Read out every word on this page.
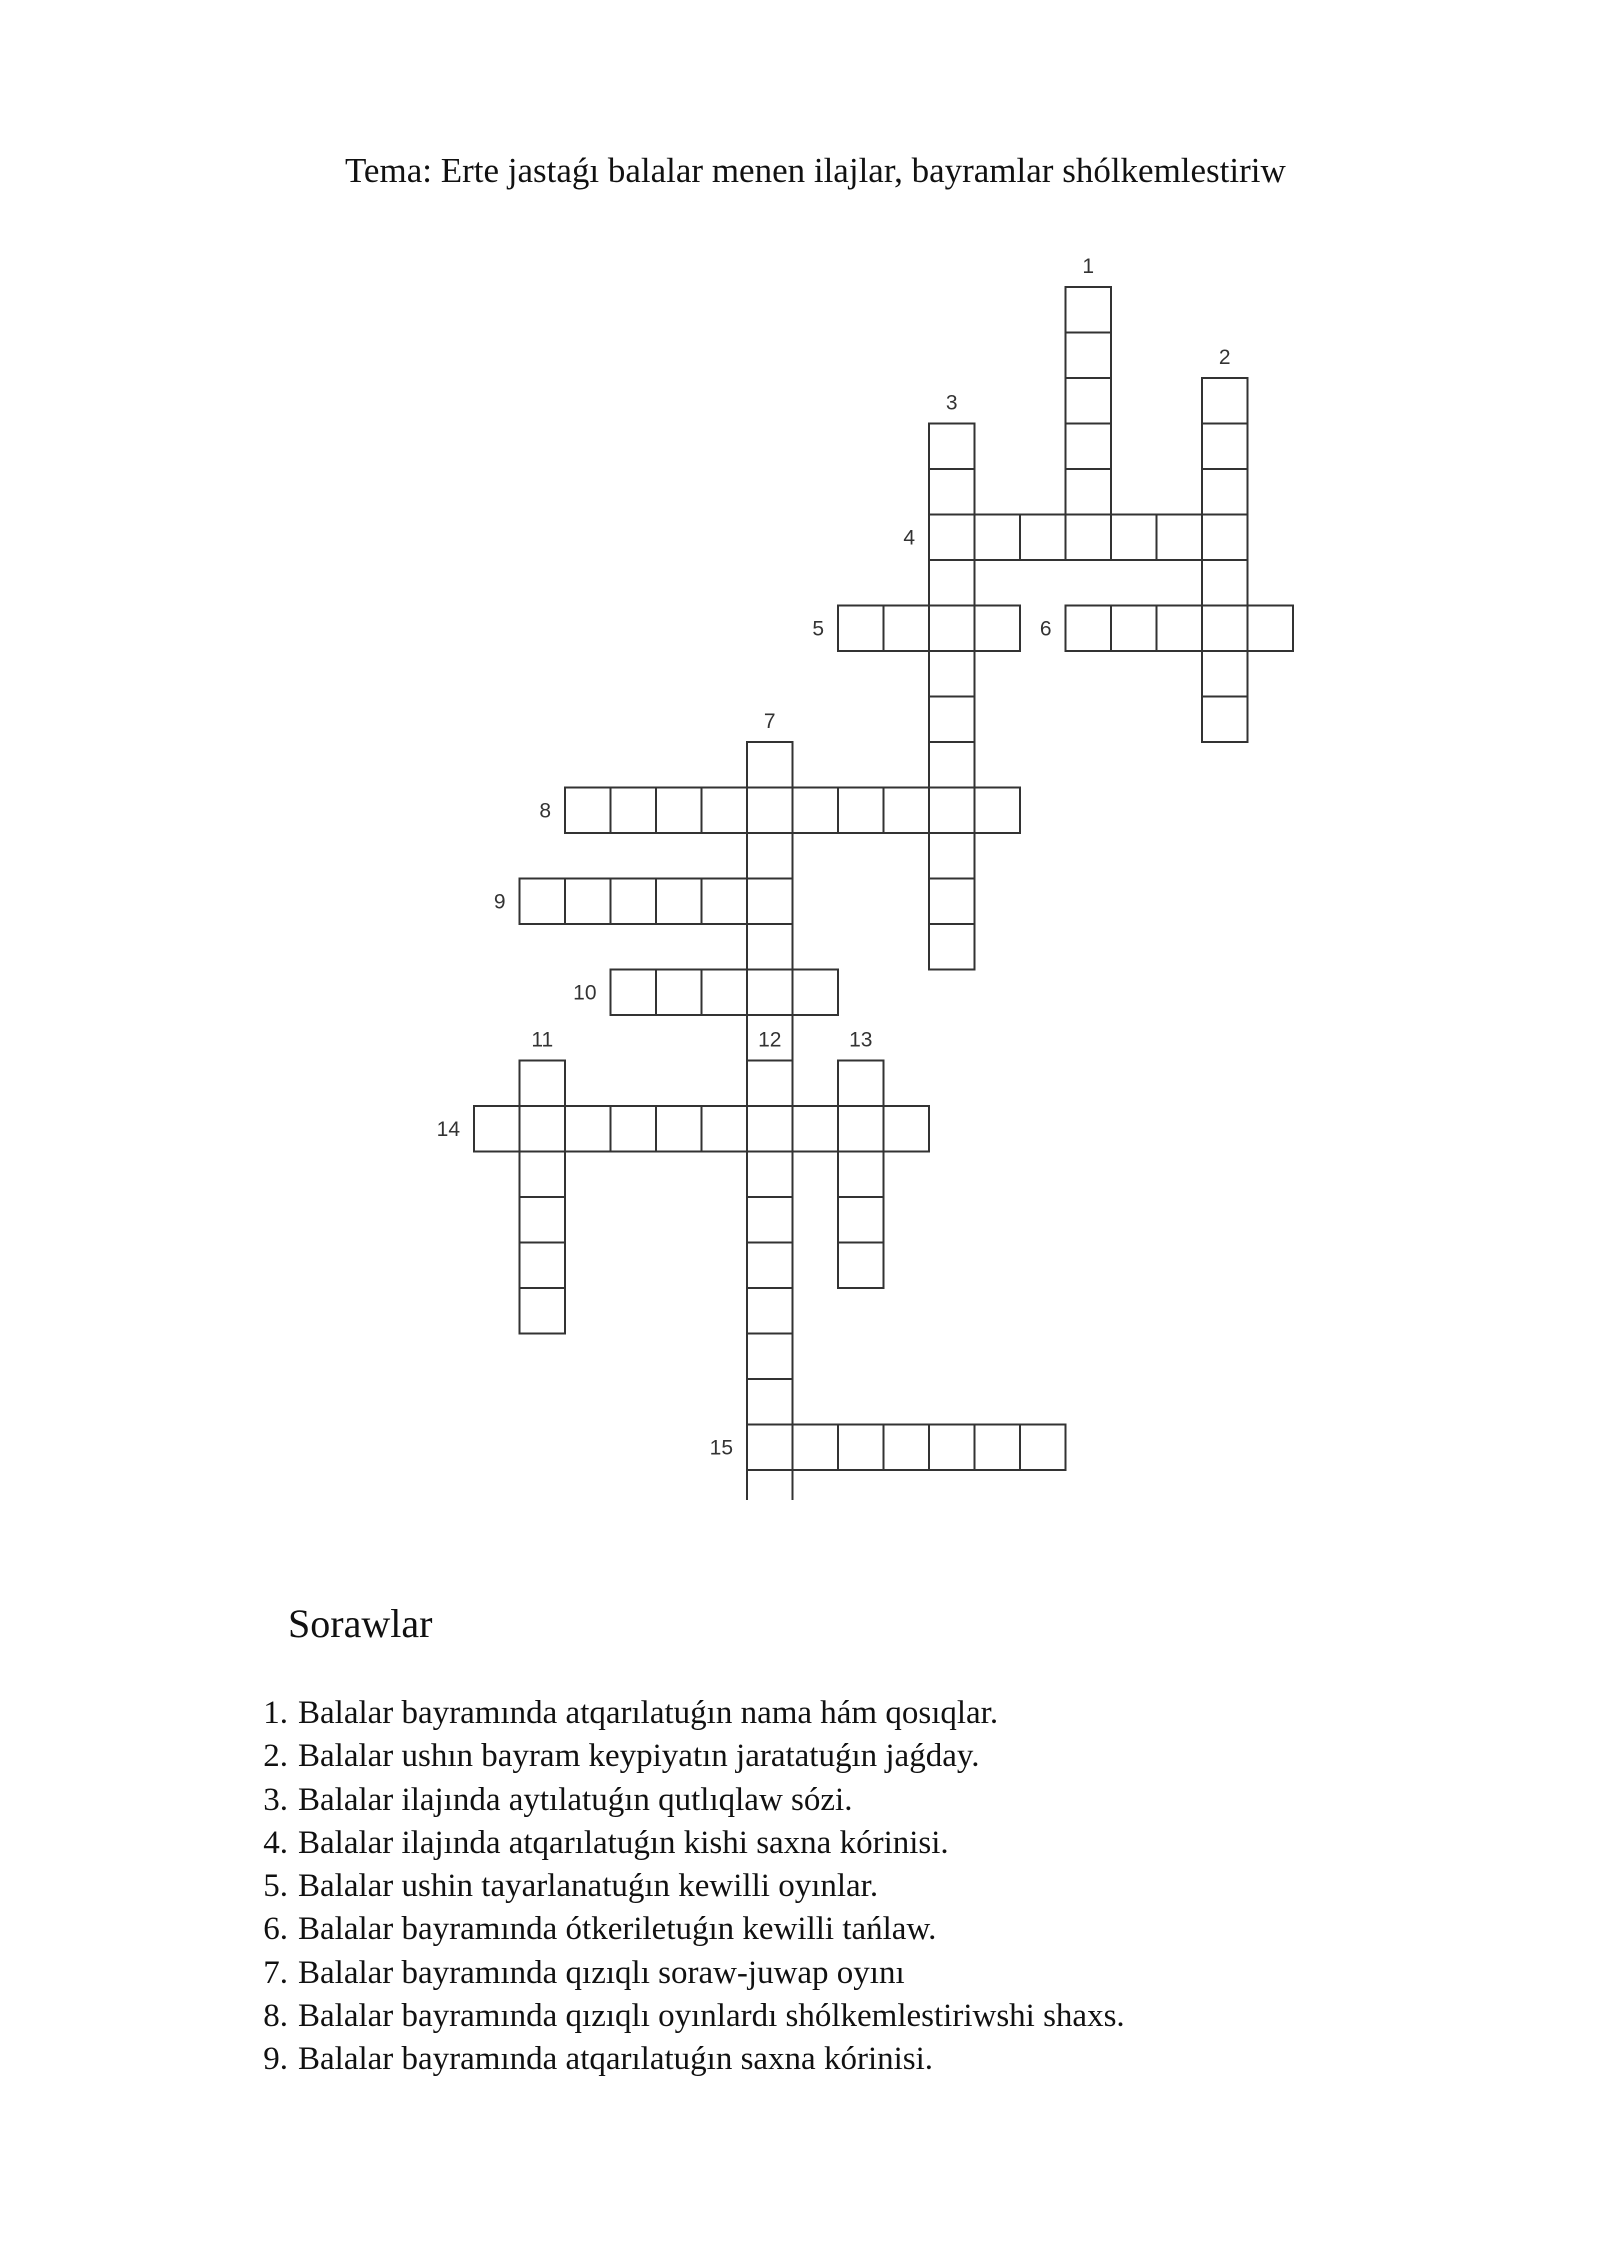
Tema: Erte jastaǵı balalar menen ilajlar, bayramlar shólkemlestiriw
1
2
3
4
5	6
7
8
9
10
11	12	13
14
15
Sorawlar
1. Balalar bayramında atqarılatuǵın nama hám qosıqlar.
2. Balalar ushın bayram keypiyatın jaratatuǵın jaǵday.
3. Balalar ilajında aytılatuǵın qutlıqlaw sózi.
4. Balalar ilajında atqarılatuǵın kishi saxna kórinisi.
5. Balalar ushin tayarlanatuǵın kewilli oyınlar.
6. Balalar bayramında ótkeriletuǵın kewilli tańlaw.
7. Balalar bayramında qızıqlı soraw-juwap oyını
8. Balalar bayramında qızıqlı oyınlardı shólkemlestiriwshi shaxs.
9. Balalar bayramında atqarılatuǵın saxna kórinisi.
